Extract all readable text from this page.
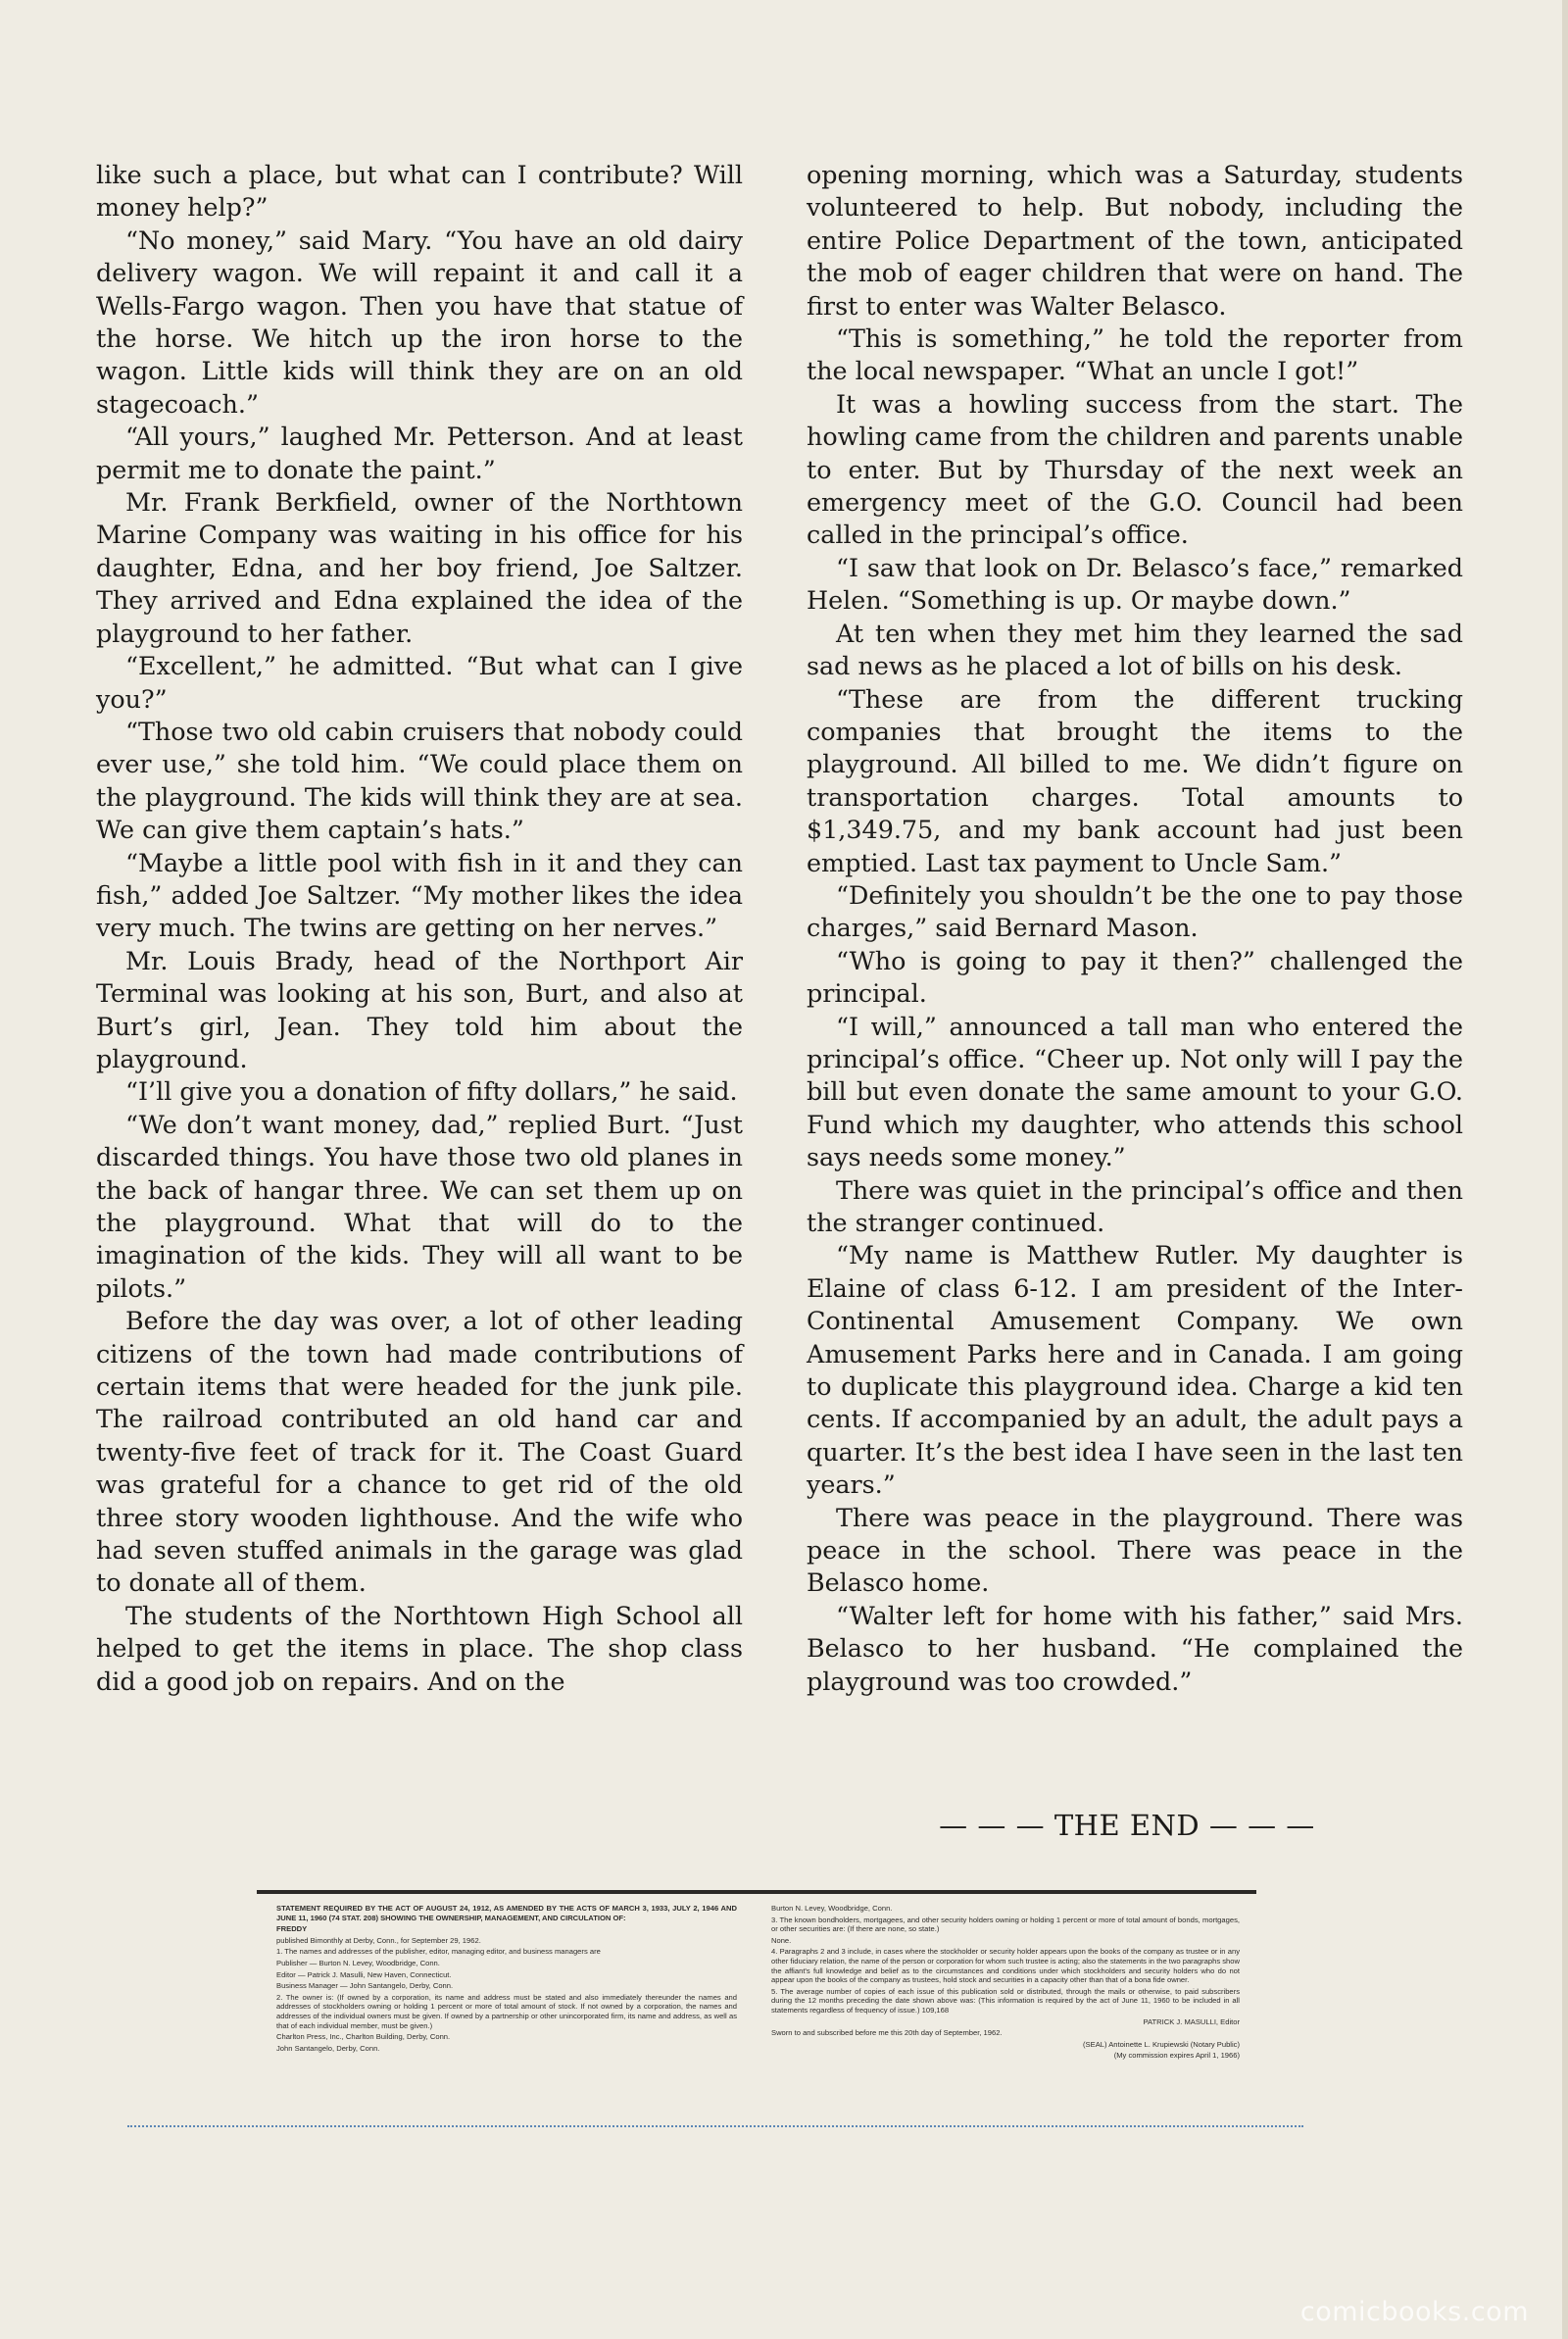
like such a place, but what can I contribute? Will money help?”

“No money,” said Mary. “You have an old dairy delivery wagon. We will repaint it and call it a Wells-Fargo wagon. Then you have that statue of the horse. We hitch up the iron horse to the wagon. Little kids will think they are on an old stagecoach.”

“All yours,” laughed Mr. Petterson. And at least permit me to donate the paint.”

Mr. Frank Berkfield, owner of the Northtown Marine Company was waiting in his office for his daughter, Edna, and her boy friend, Joe Saltzer. They arrived and Edna explained the idea of the playground to her father.

“Excellent,” he admitted. “But what can I give you?”

“Those two old cabin cruisers that nobody could ever use,” she told him. “We could place them on the playground. The kids will think they are at sea. We can give them captain’s hats.”

“Maybe a little pool with fish in it and they can fish,” added Joe Saltzer. “My mother likes the idea very much. The twins are getting on her nerves.”

Mr. Louis Brady, head of the Northport Air Terminal was looking at his son, Burt, and also at Burt’s girl, Jean. They told him about the playground.

“I’ll give you a donation of fifty dollars,” he said.

“We don’t want money, dad,” replied Burt. “Just discarded things. You have those two old planes in the back of hangar three. We can set them up on the playground. What that will do to the imagination of the kids. They will all want to be pilots.”

Before the day was over, a lot of other leading citizens of the town had made contributions of certain items that were headed for the junk pile. The railroad contributed an old hand car and twenty-five feet of track for it. The Coast Guard was grateful for a chance to get rid of the old three story wooden lighthouse. And the wife who had seven stuffed animals in the garage was glad to donate all of them.

The students of the Northtown High School all helped to get the items in place. The shop class did a good job on repairs. And on the

opening morning, which was a Saturday, students volunteered to help. But nobody, including the entire Police Department of the town, anticipated the mob of eager children that were on hand. The first to enter was Walter Belasco.

“This is something,” he told the reporter from the local newspaper. “What an uncle I got!”

It was a howling success from the start. The howling came from the children and parents unable to enter. But by Thursday of the next week an emergency meet of the G.O. Council had been called in the principal’s office.

“I saw that look on Dr. Belasco’s face,” remarked Helen. “Something is up. Or maybe down.”

At ten when they met him they learned the sad sad news as he placed a lot of bills on his desk.

“These are from the different trucking companies that brought the items to the playground. All billed to me. We didn’t figure on transportation charges. Total amounts to $1,349.75, and my bank account had just been emptied. Last tax payment to Uncle Sam.”

“Definitely you shouldn’t be the one to pay those charges,” said Bernard Mason.

“Who is going to pay it then?” challenged the principal.

“I will,” announced a tall man who entered the principal’s office. “Cheer up. Not only will I pay the bill but even donate the same amount to your G.O. Fund which my daughter, who attends this school says needs some money.”

There was quiet in the principal’s office and then the stranger continued.

“My name is Matthew Rutler. My daughter is Elaine of class 6-12. I am president of the Inter-Continental Amusement Company. We own Amusement Parks here and in Canada. I am going to duplicate this playground idea. Charge a kid ten cents. If accompanied by an adult, the adult pays a quarter. It’s the best idea I have seen in the last ten years.”

There was peace in the playground. There was peace in the school. There was peace in the Belasco home.

“Walter left for home with his father,” said Mrs. Belasco to her husband. “He complained the playground was too crowded.”

— — — THE END — — —

STATEMENT REQUIRED BY THE ACT OF AUGUST 24, 1912, AS AMENDED BY THE ACTS OF MARCH 3, 1933, JULY 2, 1946 AND JUNE 11, 1960 (74 STAT. 208) SHOWING THE OWNERSHIP, MANAGEMENT, AND CIRCULATION OF:

FREDDY

published Bimonthly at Derby, Conn., for September 29, 1962.

1. The names and addresses of the publisher, editor, managing editor, and business managers are

Publisher — Burton N. Levey, Woodbridge, Conn.

Editor — Patrick J. Masulli, New Haven, Connecticut.

Business Manager — John Santangelo, Derby, Conn.

2. The owner is: (If owned by a corporation, its name and address must be stated and also immediately thereunder the names and addresses of stockholders owning or holding 1 percent or more of total amount of stock. If not owned by a corporation, the names and addresses of the individual owners must be given. If owned by a partnership or other unincorporated firm, its name and address, as well as that of each individual member, must be given.)

Charlton Press, Inc., Charlton Building, Derby, Conn.

John Santangelo, Derby, Conn.

Burton N. Levey, Woodbridge, Conn.

3. The known bondholders, mortgagees, and other security holders owning or holding 1 percent or more of total amount of bonds, mortgages, or other securities are: (If there are none, so state.)

None.

4. Paragraphs 2 and 3 include, in cases where the stockholder or security holder appears upon the books of the company as trustee or in any other fiduciary relation, the name of the person or corporation for whom such trustee is acting; also the statements in the two paragraphs show the affiant's full knowledge and belief as to the circumstances and conditions under which stockholders and security holders who do not appear upon the books of the company as trustees, hold stock and securities in a capacity other than that of a bona fide owner.

5. The average number of copies of each issue of this publication sold or distributed, through the mails or otherwise, to paid subscribers during the 12 months preceding the date shown above was: (This information is required by the act of June 11, 1960 to be included in all statements regardless of frequency of issue.) 109,168

PATRICK J. MASULLI, Editor

Sworn to and subscribed before me this 20th day of September, 1962.

(SEAL) Antoinette L. Krupiewski (Notary Public)

(My commission expires April 1, 1966)

comicbooks.com
